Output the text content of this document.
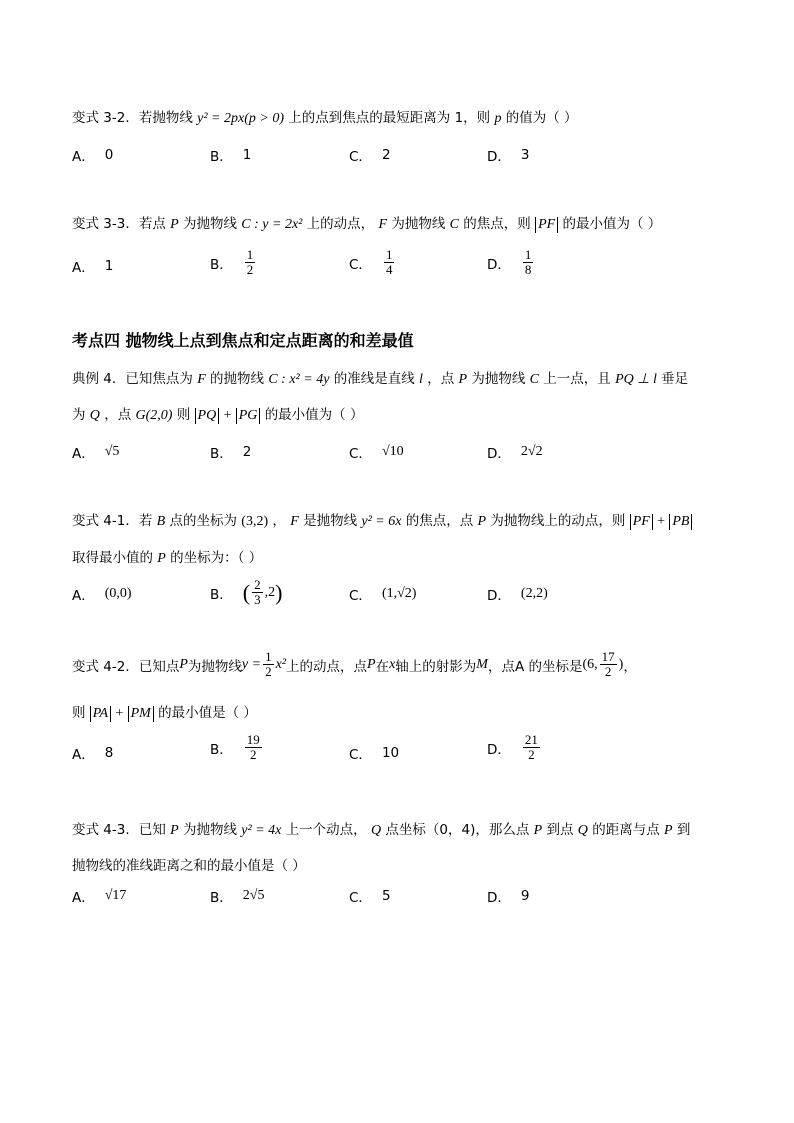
变式 3-2．若抛物线 y² = 2px(p > 0) 上的点到焦点的最短距离为 1，则 p 的值为（ ）
A． 0	B． 1	C． 2	D． 3
变式 3-3．若点 P 为抛物线 C : y = 2x² 上的动点， F 为抛物线 C 的焦点，则 PF 的最小值为（ ）
A． 1	B． $\frac{1}{2}$	C． $\frac{1}{4}$	D． $\frac{1}{8}$
考点四 抛物线上点到焦点和定点距离的和差最值
典例 4．已知焦点为 F 的抛物线 C : x² = 4y 的准线是直线 l ，点 P 为抛物线 C 上一点，且 PQ ⊥ l 垂足
为 Q ，点 G(2,0) 则 PQ + PG 的最小值为（ ）
A． √5	B． 2	C． √10	D． 2√2
变式 4-1．若 B 点的坐标为 (3,2) ， F 是抛物线 y² = 6x 的焦点，点 P 为抛物线上的动点，则 PF + PB
取得最小值的 P 的坐标为：（ ）
A． (0,0)	B． ( $\frac{2}{3} ,2$ )	C． (1,√2)	D． (2,2)
变式 4-2．已知点 P 为抛物线 $y = \frac{1}{2} x^2$ 上的动点，点 P 在 x 轴上的射影为 M ，点A 的坐标是 (6, $\frac{17}{2}$ ) ，
则 PA + PM 的最小值是（ ）
A． 8	B． $\frac{19}{2}$	C． 10	D． $\frac{21}{2}$
变式 4-3．已知 P 为抛物线 y² = 4x 上一个动点， Q 点坐标（0，4)，那么点 P 到点 Q 的距离与点 P 到
抛物线的准线距离之和的最小值是（ ）
A． √17	B． 2√5	C． 5	D． 9
